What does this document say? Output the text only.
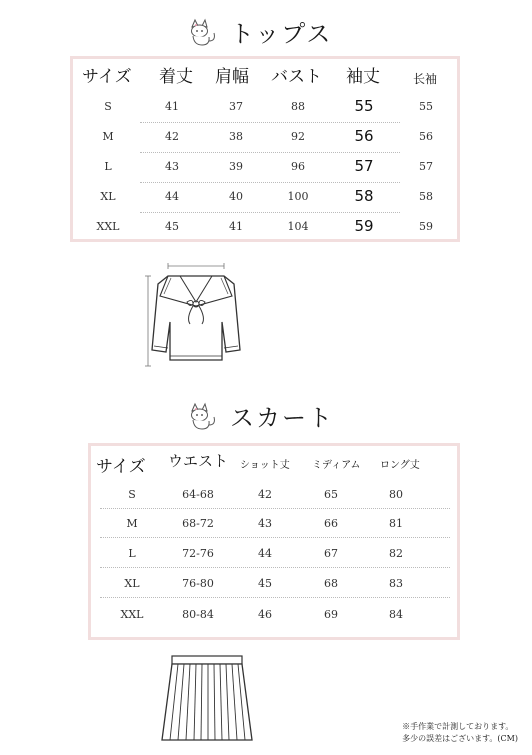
トップス
サイズ 着丈 肩幅 バスト 袖丈	长袖
S	41	37	88	55	55
M	42	38	92	56	56
L	43	39	96	57	57
XL	44	40	100	58	58
XXL	45	41	104	59	59
スカート
サイズ ウエスト ショット丈 ミディアム ロング丈
S	64-68	42	65	80
M	68-72	43	66	81
L	72-76	44	67	82
XL	76-80	45	68	83
XXL	80-84	46	69	84
※手作業で計測しております。
多少の誤差はございます。(CM)
